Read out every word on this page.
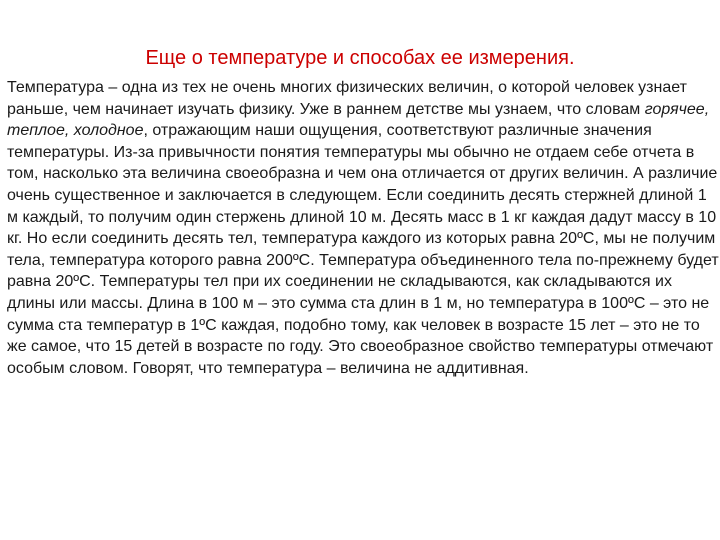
Еще о температуре и способах ее измерения.

Температура – одна из тех не очень многих физических величин, о которой человек узнает раньше, чем начинает изучать физику. Уже в раннем детстве мы узнаем, что словам горячее, теплое, холодное, отражающим наши ощущения, соответствуют различные значения температуры. Из-за привычности понятия температуры мы обычно не отдаем себе отчета в том, насколько эта величина своеобразна и чем она отличается от других величин. А различие очень существенное и заключается в следующем. Если соединить десять стержней длиной 1 м каждый, то получим один стержень длиной 10 м. Десять масс в 1 кг каждая дадут массу в 10 кг. Но если соединить десять тел, температура каждого из которых равна 20ºС, мы не получим тела, температура которого равна 200ºС. Температура объединенного тела по-прежнему будет равна 20ºС. Температуры тел при их соединении не складываются, как складываются их длины или массы. Длина в 100 м – это сумма ста длин в 1 м, но температура в 100ºС – это не сумма ста температур в 1ºС каждая, подобно тому, как человек в возрасте 15 лет – это не то же самое, что 15 детей в возрасте по году. Это своеобразное свойство температуры отмечают особым словом. Говорят, что температура – величина не аддитивная.
